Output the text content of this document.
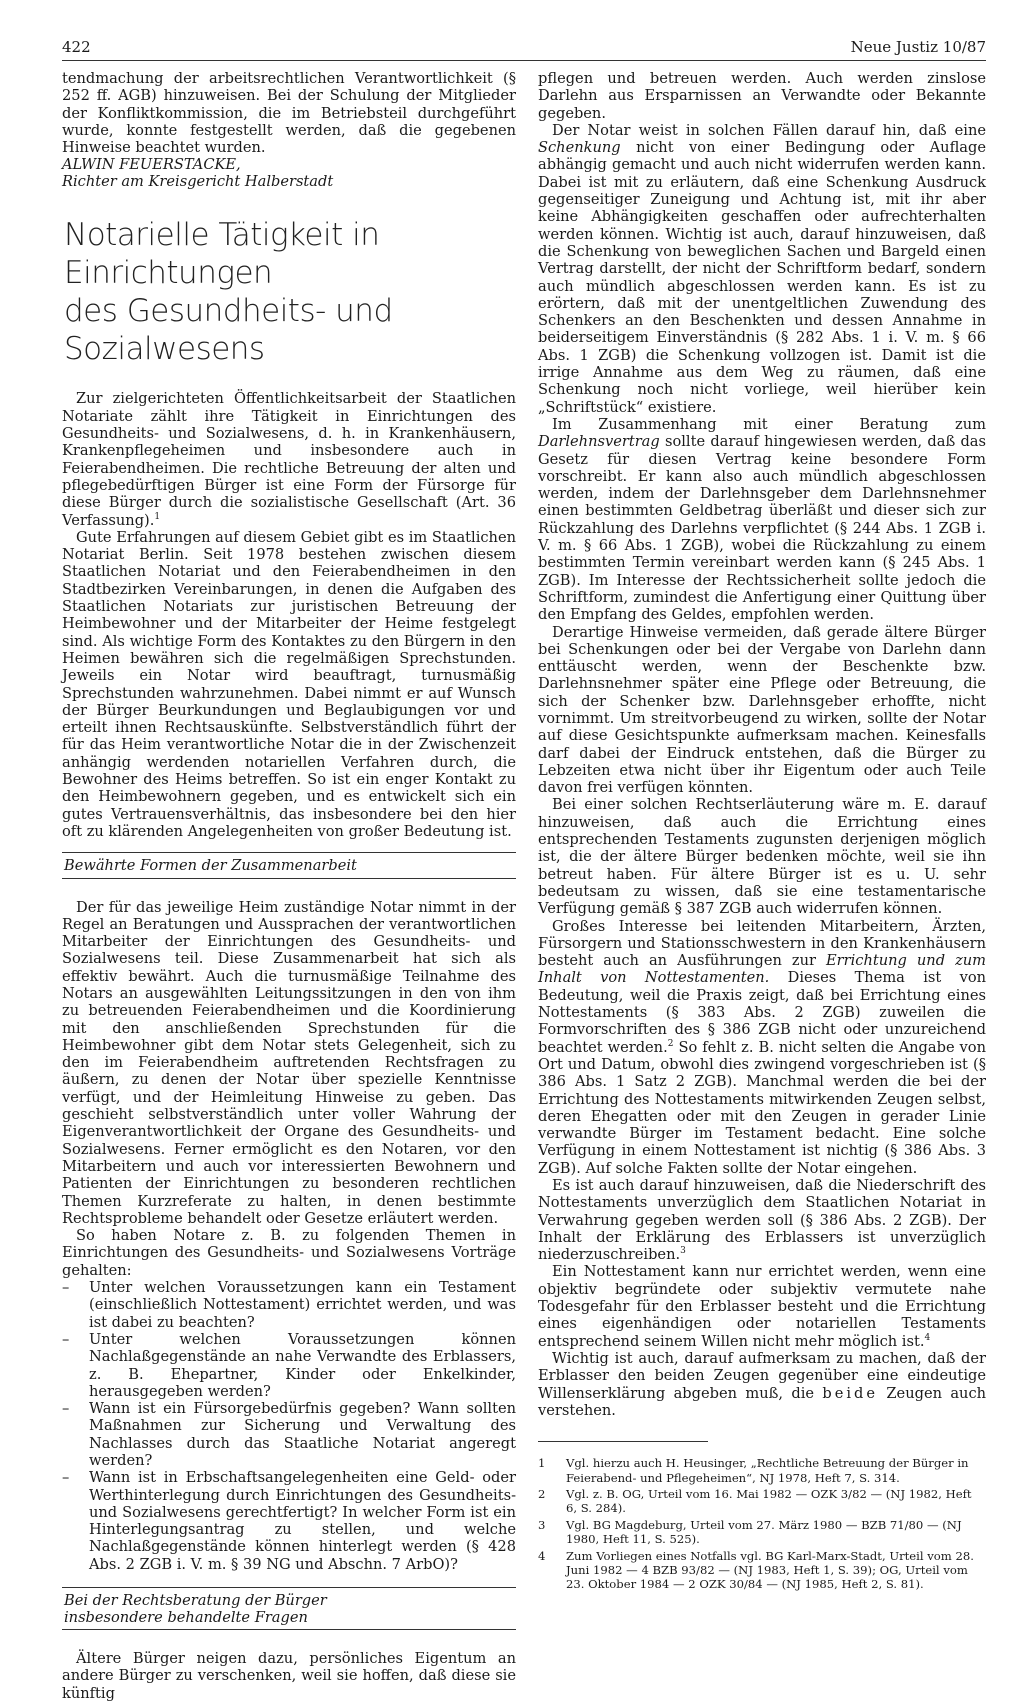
422	Neue Justiz 10/87

tendmachung der arbeitsrechtlichen Verantwortlichkeit (§ 252 ff. AGB) hinzuweisen. Bei der Schulung der Mitglieder der Konfliktkommission, die im Betriebsteil durchgeführt wurde, konnte festgestellt werden, daß die gegebenen Hinweise beachtet wurden.

ALWIN FEUERSTACKE,

Richter am Kreisgericht Halberstadt

Notarielle Tätigkeit in Einrichtungen
des Gesundheits- und Sozialwesens

Zur zielgerichteten Öffentlichkeitsarbeit der Staatlichen Notariate zählt ihre Tätigkeit in Einrichtungen des Gesundheits- und Sozialwesens, d. h. in Krankenhäusern, Krankenpflegeheimen und insbesondere auch in Feierabendheimen. Die rechtliche Betreuung der alten und pflegebedürftigen Bürger ist eine Form der Fürsorge für diese Bürger durch die sozialistische Gesellschaft (Art. 36 Verfassung).$^1$

Gute Erfahrungen auf diesem Gebiet gibt es im Staatlichen Notariat Berlin. Seit 1978 bestehen zwischen diesem Staatlichen Notariat und den Feierabendheimen in den Stadtbezirken Vereinbarungen, in denen die Aufgaben des Staatlichen Notariats zur juristischen Betreuung der Heimbewohner und der Mitarbeiter der Heime festgelegt sind. Als wichtige Form des Kontaktes zu den Bürgern in den Heimen bewähren sich die regelmäßigen Sprechstunden. Jeweils ein Notar wird beauftragt, turnusmäßig Sprechstunden wahrzunehmen. Dabei nimmt er auf Wunsch der Bürger Beurkundungen und Beglaubigungen vor und erteilt ihnen Rechtsauskünfte. Selbstverständlich führt der für das Heim verantwortliche Notar die in der Zwischenzeit anhängig werdenden notariellen Verfahren durch, die Bewohner des Heims betreffen. So ist ein enger Kontakt zu den Heimbewohnern gegeben, und es entwickelt sich ein gutes Vertrauensverhältnis, das insbesondere bei den hier oft zu klärenden Angelegenheiten von großer Bedeutung ist.

Bewährte Formen der Zusammenarbeit

Der für das jeweilige Heim zuständige Notar nimmt in der Regel an Beratungen und Aussprachen der verantwortlichen Mitarbeiter der Einrichtungen des Gesundheits- und Sozialwesens teil. Diese Zusammenarbeit hat sich als effektiv bewährt. Auch die turnusmäßige Teilnahme des Notars an ausgewählten Leitungssitzungen in den von ihm zu betreuenden Feierabendheimen und die Koordinierung mit den anschließenden Sprechstunden für die Heimbewohner gibt dem Notar stets Gelegenheit, sich zu den im Feierabendheim auftretenden Rechtsfragen zu äußern, zu denen der Notar über spezielle Kenntnisse verfügt, und der Heimleitung Hinweise zu geben. Das geschieht selbstverständlich unter voller Wahrung der Eigenverantwortlichkeit der Organe des Gesundheits- und Sozialwesens. Ferner ermöglicht es den Notaren, vor den Mitarbeitern und auch vor interessierten Bewohnern und Patienten der Einrichtungen zu besonderen rechtlichen Themen Kurzreferate zu halten, in denen bestimmte Rechtsprobleme behandelt oder Gesetze erläutert werden.

So haben Notare z. B. zu folgenden Themen in Einrichtungen des Gesundheits- und Sozialwesens Vorträge gehalten:

– Unter welchen Voraussetzungen kann ein Testament (einschließlich Nottestament) errichtet werden, und was ist dabei zu beachten?

– Unter welchen Voraussetzungen können Nachlaßgegenstände an nahe Verwandte des Erblassers, z. B. Ehepartner, Kinder oder Enkelkinder, herausgegeben werden?

– Wann ist ein Fürsorgebedürfnis gegeben? Wann sollten Maßnahmen zur Sicherung und Verwaltung des Nachlasses durch das Staatliche Notariat angeregt werden?

– Wann ist in Erbschaftsangelegenheiten eine Geld- oder Werthinterlegung durch Einrichtungen des Gesundheits- und Sozialwesens gerechtfertigt? In welcher Form ist ein Hinterlegungsantrag zu stellen, und welche Nachlaßgegenstände können hinterlegt werden (§ 428 Abs. 2 ZGB i. V. m. § 39 NG und Abschn. 7 ArbO)?

Bei der Rechtsberatung der Bürger
insbesondere behandelte Fragen

Ältere Bürger neigen dazu, persönliches Eigentum an andere Bürger zu verschenken, weil sie hoffen, daß diese sie künftig

pflegen und betreuen werden. Auch werden zinslose Darlehn aus Ersparnissen an Verwandte oder Bekannte gegeben.

Der Notar weist in solchen Fällen darauf hin, daß eine Schenkung nicht von einer Bedingung oder Auflage abhängig gemacht und auch nicht widerrufen werden kann. Dabei ist mit zu erläutern, daß eine Schenkung Ausdruck gegenseitiger Zuneigung und Achtung ist, mit ihr aber keine Abhängigkeiten geschaffen oder aufrechterhalten werden können. Wichtig ist auch, darauf hinzuweisen, daß die Schenkung von beweglichen Sachen und Bargeld einen Vertrag darstellt, der nicht der Schriftform bedarf, sondern auch mündlich abgeschlossen werden kann. Es ist zu erörtern, daß mit der unentgeltlichen Zuwendung des Schenkers an den Beschenkten und dessen Annahme in beiderseitigem Einverständnis (§ 282 Abs. 1 i. V. m. § 66 Abs. 1 ZGB) die Schenkung vollzogen ist. Damit ist die irrige Annahme aus dem Weg zu räumen, daß eine Schenkung noch nicht vorliege, weil hierüber kein „Schriftstück“ existiere.

Im Zusammenhang mit einer Beratung zum Darlehnsvertrag sollte darauf hingewiesen werden, daß das Gesetz für diesen Vertrag keine besondere Form vorschreibt. Er kann also auch mündlich abgeschlossen werden, indem der Darlehnsgeber dem Darlehnsnehmer einen bestimmten Geldbetrag überläßt und dieser sich zur Rückzahlung des Darlehns verpflichtet (§ 244 Abs. 1 ZGB i. V. m. § 66 Abs. 1 ZGB), wobei die Rückzahlung zu einem bestimmten Termin vereinbart werden kann (§ 245 Abs. 1 ZGB). Im Interesse der Rechtssicherheit sollte jedoch die Schriftform, zumindest die Anfertigung einer Quittung über den Empfang des Geldes, empfohlen werden.

Derartige Hinweise vermeiden, daß gerade ältere Bürger bei Schenkungen oder bei der Vergabe von Darlehn dann enttäuscht werden, wenn der Beschenkte bzw. Darlehnsnehmer später eine Pflege oder Betreuung, die sich der Schenker bzw. Darlehnsgeber erhoffte, nicht vornimmt. Um streitvorbeugend zu wirken, sollte der Notar auf diese Gesichtspunkte aufmerksam machen. Keinesfalls darf dabei der Eindruck entstehen, daß die Bürger zu Lebzeiten etwa nicht über ihr Eigentum oder auch Teile davon frei verfügen könnten.

Bei einer solchen Rechtserläuterung wäre m. E. darauf hinzuweisen, daß auch die Errichtung eines entsprechenden Testaments zugunsten derjenigen möglich ist, die der ältere Bürger bedenken möchte, weil sie ihn betreut haben. Für ältere Bürger ist es u. U. sehr bedeutsam zu wissen, daß sie eine testamentarische Verfügung gemäß § 387 ZGB auch widerrufen können.

Großes Interesse bei leitenden Mitarbeitern, Ärzten, Fürsorgern und Stationsschwestern in den Krankenhäusern besteht auch an Ausführungen zur Errichtung und zum Inhalt von Nottestamenten. Dieses Thema ist von Bedeutung, weil die Praxis zeigt, daß bei Errichtung eines Nottestaments (§ 383 Abs. 2 ZGB) zuweilen die Formvorschriften des § 386 ZGB nicht oder unzureichend beachtet werden.$^2$ So fehlt z. B. nicht selten die Angabe von Ort und Datum, obwohl dies zwingend vorgeschrieben ist (§ 386 Abs. 1 Satz 2 ZGB). Manchmal werden die bei der Errichtung des Nottestaments mitwirkenden Zeugen selbst, deren Ehegatten oder mit den Zeugen in gerader Linie verwandte Bürger im Testament bedacht. Eine solche Verfügung in einem Nottestament ist nichtig (§ 386 Abs. 3 ZGB). Auf solche Fakten sollte der Notar eingehen.

Es ist auch darauf hinzuweisen, daß die Niederschrift des Nottestaments unverzüglich dem Staatlichen Notariat in Verwahrung gegeben werden soll (§ 386 Abs. 2 ZGB). Der Inhalt der Erklärung des Erblassers ist unverzüglich niederzuschreiben.$^3$

Ein Nottestament kann nur errichtet werden, wenn eine objektiv begründete oder subjektiv vermutete nahe Todesgefahr für den Erblasser besteht und die Errichtung eines eigenhändigen oder notariellen Testaments entsprechend seinem Willen nicht mehr möglich ist.$^4$

Wichtig ist auch, darauf aufmerksam zu machen, daß der Erblasser den beiden Zeugen gegenüber eine eindeutige Willenserklärung abgeben muß, die beide Zeugen auch verstehen.

1 Vgl. hierzu auch H. Heusinger, „Rechtliche Betreuung der Bürger in Feierabend- und Pflegeheimen“, NJ 1978, Heft 7, S. 314.
2 Vgl. z. B. OG, Urteil vom 16. Mai 1982 — OZK 3/82 — (NJ 1982, Heft 6, S. 284).
3 Vgl. BG Magdeburg, Urteil vom 27. März 1980 — BZB 71/80 — (NJ 1980, Heft 11, S. 525).
4 Zum Vorliegen eines Notfalls vgl. BG Karl-Marx-Stadt, Urteil vom 28. Juni 1982 — 4 BZB 93/82 — (NJ 1983, Heft 1, S. 39); OG, Urteil vom 23. Oktober 1984 — 2 OZK 30/84 — (NJ 1985, Heft 2, S. 81).
